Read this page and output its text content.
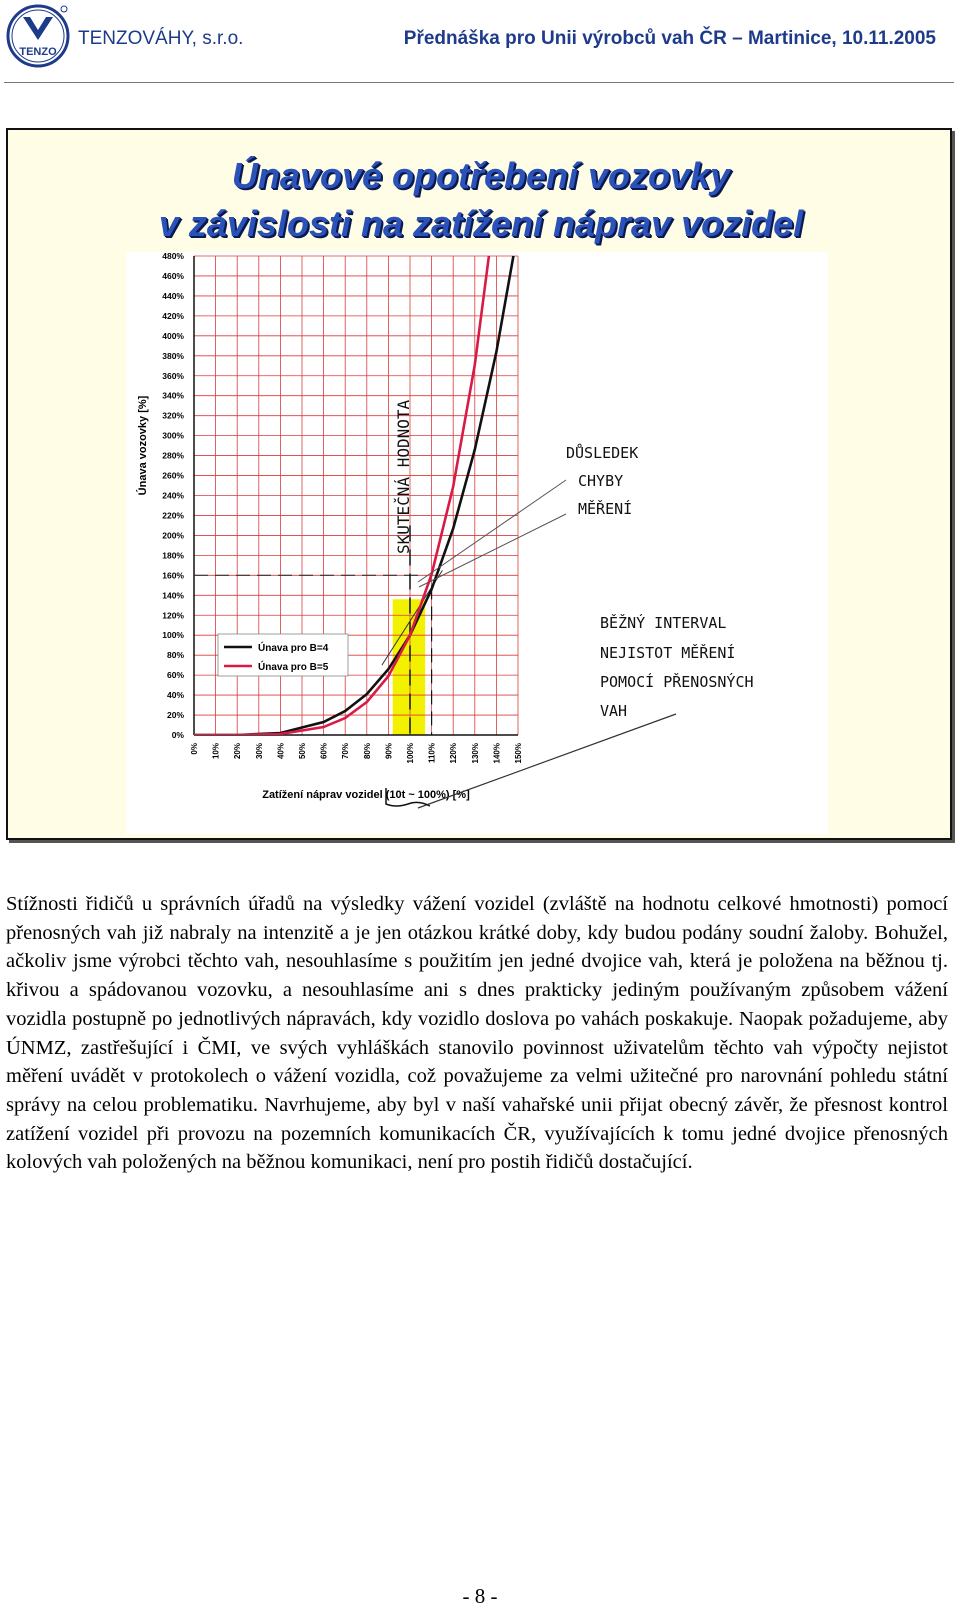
TENZO
TENZOVÁHY, s.r.o.	Přednáška pro Unii výrobců vah ČR – Martinice, 10.11.2005
Únavové opotřebení vozovky
v závislosti na zatížení náprav vozidel
0% 10% 20% 30% 40% 50% 60% 70% 80% 90% 100% 110% 120% 130% 140% 150%
0%
20%
40%
60%
80%
100%
120%
140%
160%
180%
200%
220%
240%
260%
280%
300%
320%
340%
360%
380%
400%
420%
440%
460%
480%
Zatížení náprav vozidel (10t ~ 100%) [%]
Únava vozovky [%]
Únava pro B=4
Únava pro B=5
SKUTEČNÁ HODNOTA	DŮSLEDEK
CHYBY
MĚŘENÍ
BĚŽNÝ INTERVAL
NEJISTOT MĚŘENÍ
POMOCÍ PŘENOSNÝCH
VAH

Stížnosti řidičů u správních úřadů na výsledky vážení vozidel (zvláště na hodnotu celkové hmotnosti) pomocí přenosných vah již nabraly na intenzitě a je jen otázkou krátké doby, kdy budou podány soudní žaloby. Bohužel, ačkoliv jsme výrobci těchto vah, nesouhlasíme s použitím jen jedné dvojice vah, která je položena na běžnou tj. křivou a spádovanou vozovku, a nesouhlasíme ani s dnes prakticky jediným používaným způsobem vážení vozidla postupně po jednotlivých nápravách, kdy vozidlo doslova po vahách poskakuje. Naopak požadujeme, aby ÚNMZ, zastřešující i ČMI, ve svých vyhláškách stanovilo povinnost uživatelům těchto vah výpočty nejistot měření uvádět v protokolech o vážení vozidla, což považujeme za velmi užitečné pro narovnání pohledu státní správy na celou problematiku. Navrhujeme, aby byl v naší vahařské unii přijat obecný závěr, že přesnost kontrol zatížení vozidel při provozu na pozemních komunikacích ČR, využívajících k tomu jedné dvojice přenosných kolových vah položených na běžnou komunikaci, není pro postih řidičů dostačující.

- 8 -
